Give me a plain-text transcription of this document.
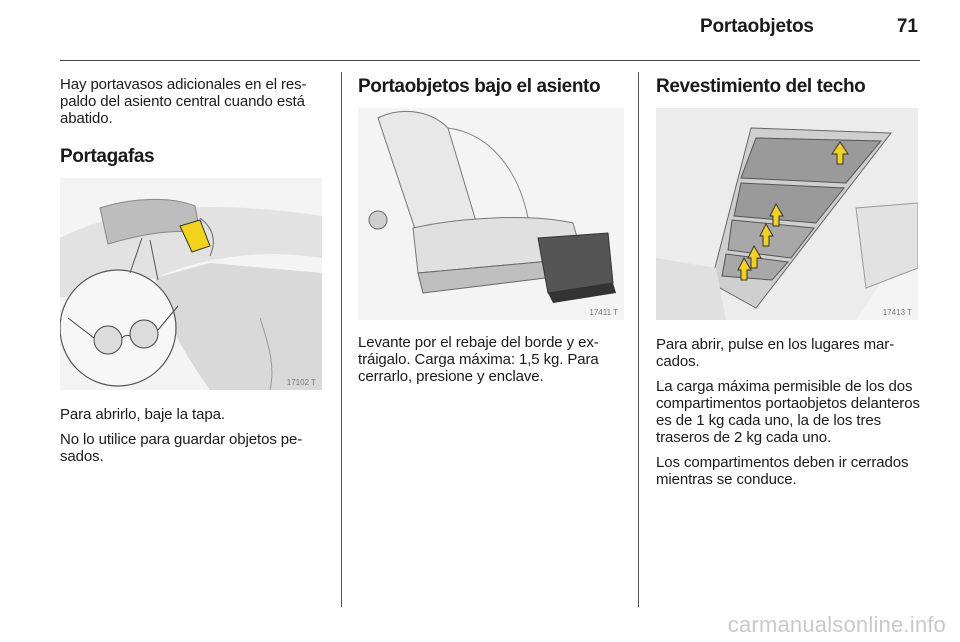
Portaobjetos	71

Hay portavasos adicionales en el respaldo del asiento central cuando está abatido.

Portagafas
17102 T

Para abrirlo, baje la tapa.

No lo utilice para guardar objetos pesados.

Portaobjetos bajo el asiento
17411 T

Levante por el rebaje del borde y extráigalo. Carga máxima: 1,5 kg. Para cerrarlo, presione y enclave.

Revestimiento del techo
17413 T

Para abrir, pulse en los lugares marcados.

La carga máxima permisible de los dos compartimentos portaobjetos delanteros es de 1 kg cada uno, la de los tres traseros de 2 kg cada uno.

Los compartimentos deben ir cerrados mientras se conduce.

carmanualsonline.info
